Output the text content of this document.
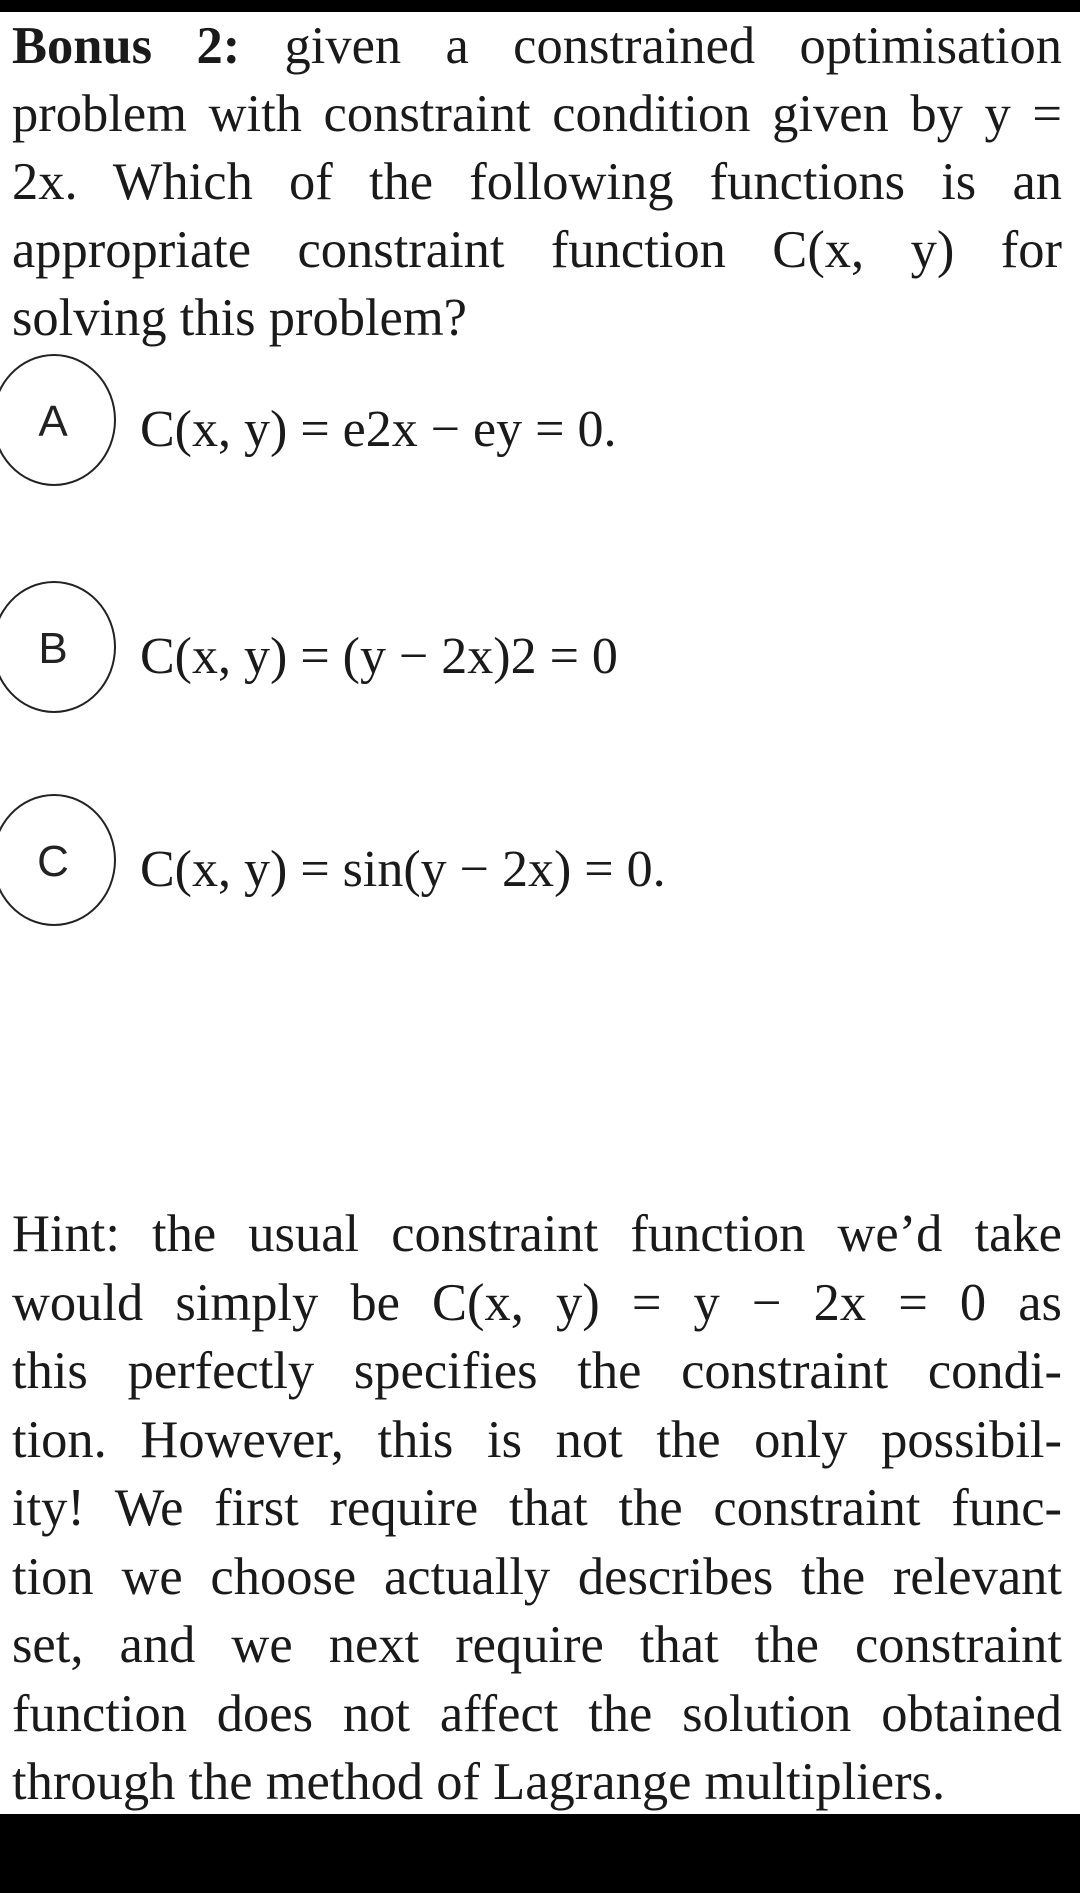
Bonus 2: given a constrained optimisation problem with constraint condition given by y = 2x. Which of the following functions is an appropriate constraint function C(x, y) for solving this problem?
A C(x, y) = e2x − ey = 0.
B C(x, y) = (y − 2x)2 = 0
C C(x, y) = sin(y − 2x) = 0.
Hint: the usual constraint function we’d take
would simply be C(x, y) = y − 2x = 0 as
this perfectly specifies the constraint condi-
tion. However, this is not the only possibil-
ity! We first require that the constraint func-
tion we choose actually describes the relevant
set, and we next require that the constraint
function does not affect the solution obtained
through the method of Lagrange multipliers.
